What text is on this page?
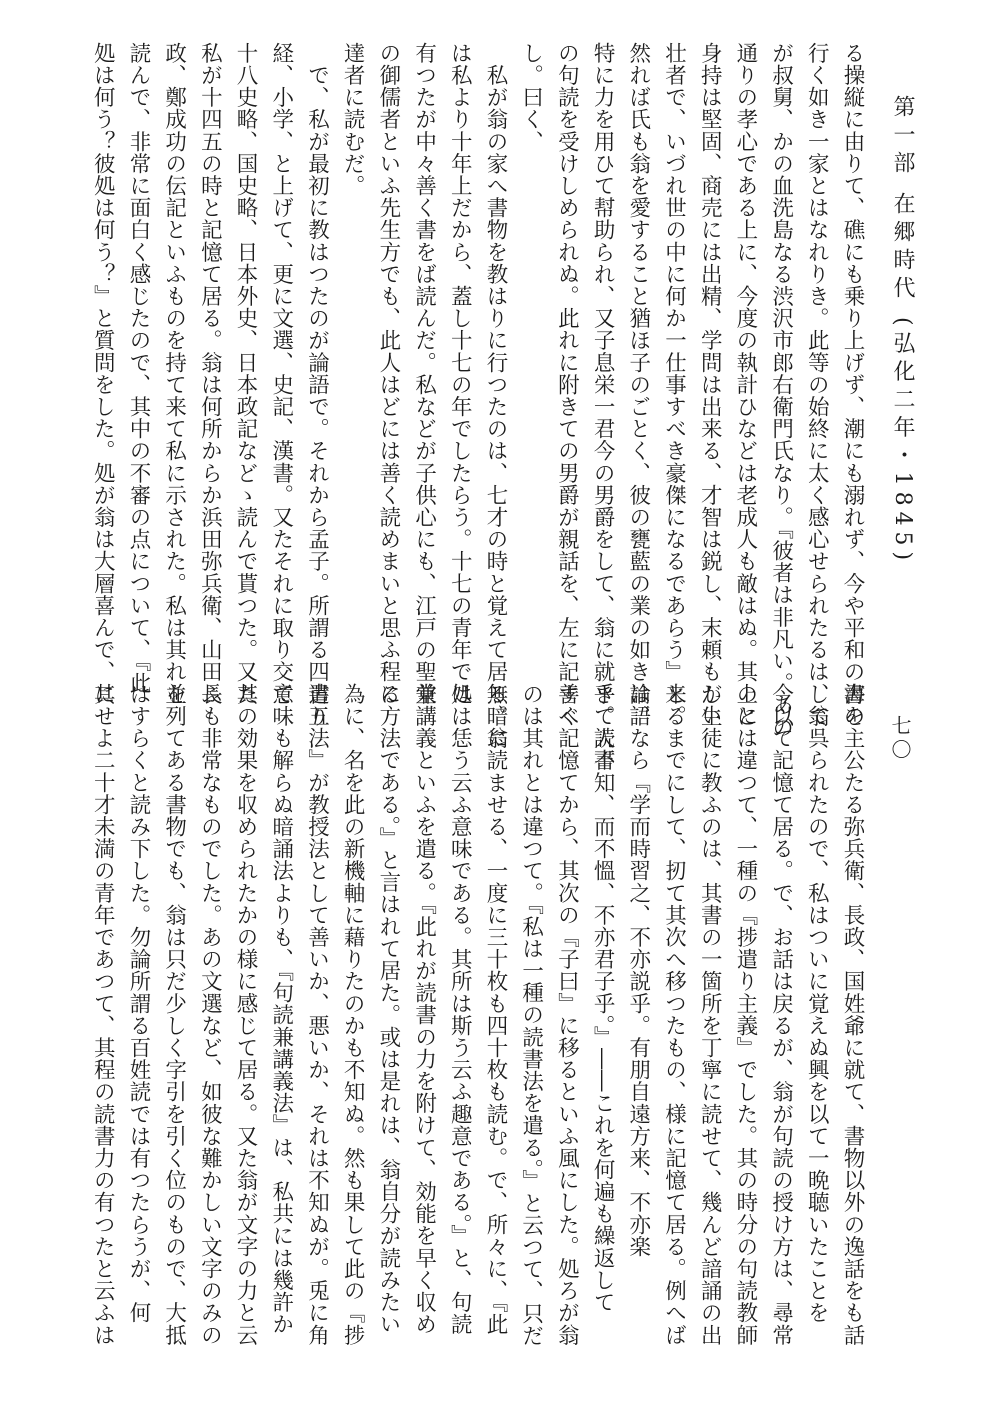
第一部 在郷時代 (弘化二年・1845)
七〇
る操縦に由りて、礁にも乗り上げず、潮にも溺れず、今や平和の海を
行く如き一家とはなれりき。此等の始終に太く感心せられたるは、翁
が叔舅、かの血洗島なる渋沢市郎右衛門氏なり。『彼者は非凡い。あの
通りの孝心である上に、今度の執計ひなどは老成人も敵はぬ。其上に
身持は堅固、商売には出精、学問は出来る、才智は鋭し、末頼もしい
壮者で、いづれ世の中に何か一仕事すべき豪傑になるであらう』と。
然れば氏も翁を愛すること猶ほ子のごとく、彼の甕藍の業の如きは、
特に力を用ひて幇助られ、又子息栄一君今の男爵をして、翁に就きて読書
の句読を受けしめられぬ。此れに附きての男爵が親話を、左に記すべ
し。曰く、
　私が翁の家へ書物を教はりに行つたのは、七才の時と覚えて居る。翁
は私より十年上だから、蓋し十七の年でしたらう。十七の青年では
有つたが中々善く書をば読んだ。私などが子供心にも、江戸の聖堂
の御儒者といふ先生方でも、此人はどには善く読めまいと思ふ程に
達者に読むだ。
　で、私が最初に教はつたのが論語で。それから孟子。所謂る四書五
経、小学、と上げて、更に文選、史記、漢書。又たそれに取り交て
十八史略、国史略、日本外史、日本政記などゝ読んで貰つた。又た
私が十四五の時と記憶て居る。翁は何所からか浜田弥兵衛、山田長
政、鄭成功の伝記といふものを持て来て私に示された。私は其れを
読んで、非常に面白く感じたので、其中の不審の点について、『此
処は何う？彼処は何う？』と質問をした。処が翁は大層喜んで、其
書の主公たる弥兵衛、長政、国姓爺に就て、書物以外の逸話をも話
して呉られたので、私はついに覚えぬ興を以て一晩聴いたことを
今以て記憶て居る。で、お話は戻るが、翁が句読の授け方は、尋常
のとは違つて、一種の『捗遣り主義』でした。其の時分の句読教師
が生徒に教ふのは、其書の一箇所を丁寧に読せて、幾んど諳誦の出
来るまでにして、扨て其次へ移つたもの、様に記憶て居る。例へば
論語なら『学而時習之、不亦説乎。有朋自遠方来、不亦楽
乎。人不知、而不慍、不亦君子乎。』――これを何遍も繰返して
善く記憶てから、其次の『子曰』に移るといふ風にした。処ろが翁
のは其れとは違つて。『私は一種の読書法を遣る。』と云つて、只だ
無暗に読ませる、一度に三十枚も四十枚も読む。で、所々に、『此
処は恁う云ふ意味である。其所は斯う云ふ趣意である。』と、句読
兼講義といふを遣る。『此れが読書の力を附けて、効能を早く収め
る方法である。』と言はれて居た。或は是れは、翁自分が読みたい
為に、名を此の新機軸に藉りたのかも不知ぬ。然も果して此の『捗
遣り法』が教授法として善いか、悪いか、それは不知ぬが。兎に角
意味も解らぬ暗誦法よりも、『句読兼講義法』は、私共には幾許か
其の効果を収められたかの様に感じて居る。又た翁が文字の力と云
ふも非常なものでした。あの文選など、如彼な難かしい文字のみの
並列てある書物でも、翁は只だ少しく字引を引く位のもので、大抵
はすらくと読み下した。勿論所謂る百姓読では有つたらうが、何
にせよ二十才未満の青年であつて、其程の読書力の有つたと云ふは
